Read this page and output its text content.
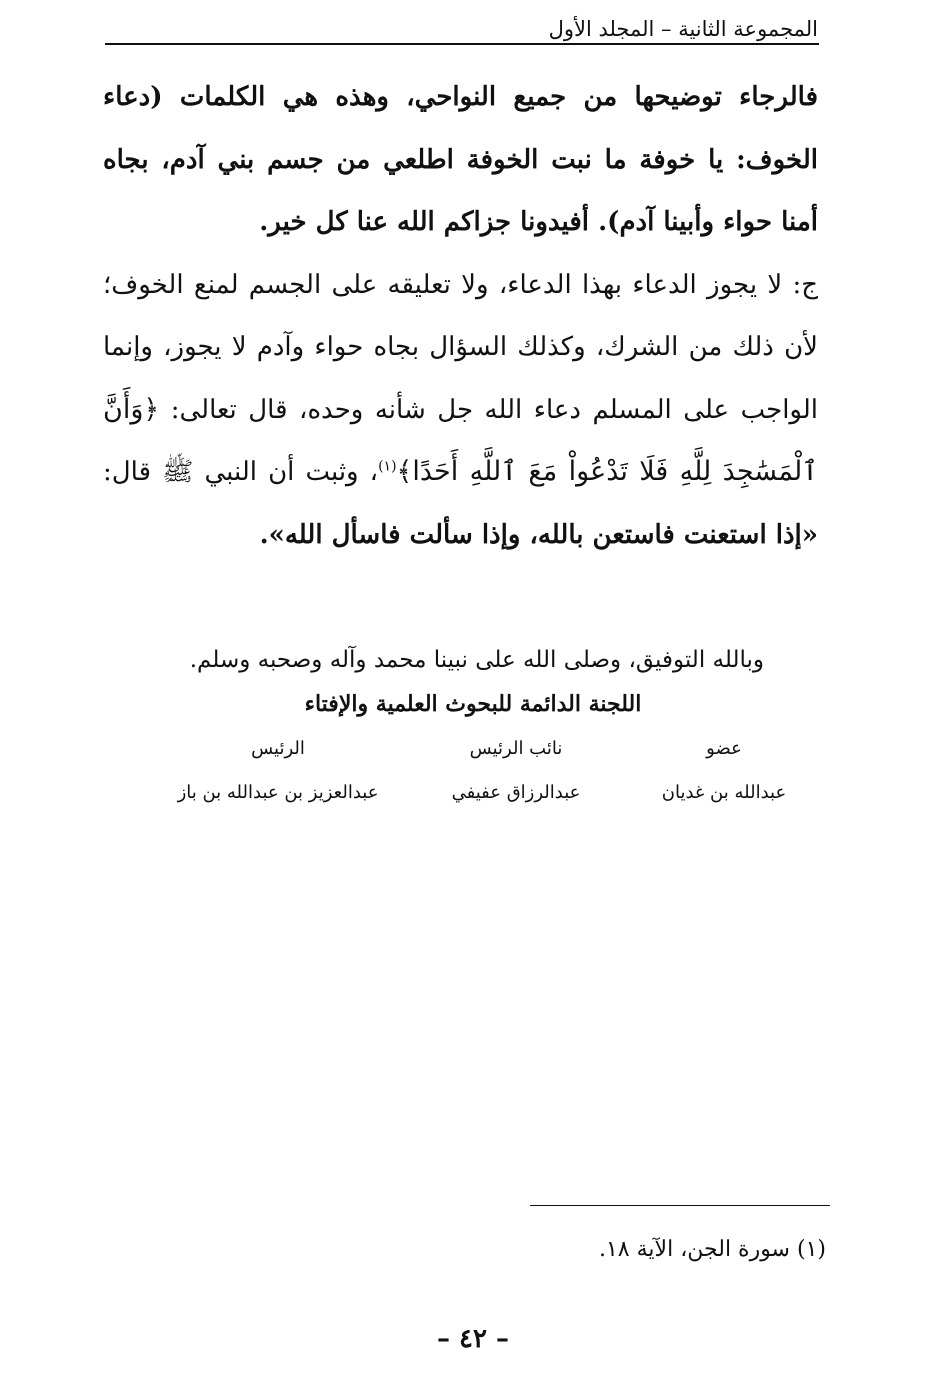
المجموعة الثانية – المجلد الأول

فالرجاء توضيحها من جميع النواحي، وهذه هي الكلمات (دعاء الخوف: يا خوفة ما نبت الخوفة اطلعي من جسم بني آدم، بجاه أمنا حواء وأبينا آدم). أفيدونا جزاكم الله عنا كل خير.

ج: لا يجوز الدعاء بهذا الدعاء، ولا تعليقه على الجسم لمنع الخوف؛ لأن ذلك من الشرك، وكذلك السؤال بجاه حواء وآدم لا يجوز، وإنما الواجب على المسلم دعاء الله جل شأنه وحده، قال تعالى: ﴿وَأَنَّ ٱلْمَسَٰجِدَ لِلَّهِ فَلَا تَدْعُواْ مَعَ ٱللَّهِ أَحَدًا﴾$^{(١)}$، وثبت أن النبي ﷺ قال: «إذا استعنت فاستعن بالله، وإذا سألت فاسأل الله».

وبالله التوفيق، وصلى الله على نبينا محمد وآله وصحبه وسلم.
اللجنة الدائمة للبحوث العلمية والإفتاء
الرئيس	نائب الرئيس	عضو
عبدالعزيز بن عبدالله بن باز	عبدالرزاق عفيفي	عبدالله بن غديان
(١) سورة الجن، الآية ١٨.
– ٤٢ –
